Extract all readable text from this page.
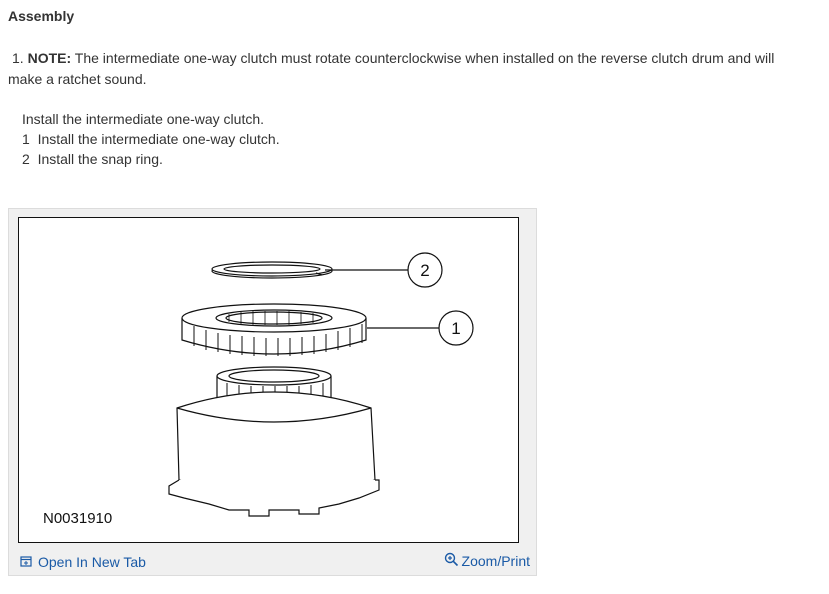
Assembly
1. NOTE: The intermediate one-way clutch must rotate counterclockwise when installed on the reverse clutch drum and will make a ratchet sound.

Install the intermediate one-way clutch.

1 Install the intermediate one-way clutch.

2 Install the snap ring.

2
1
N0031910
Open In New Tab	Zoom/Print
